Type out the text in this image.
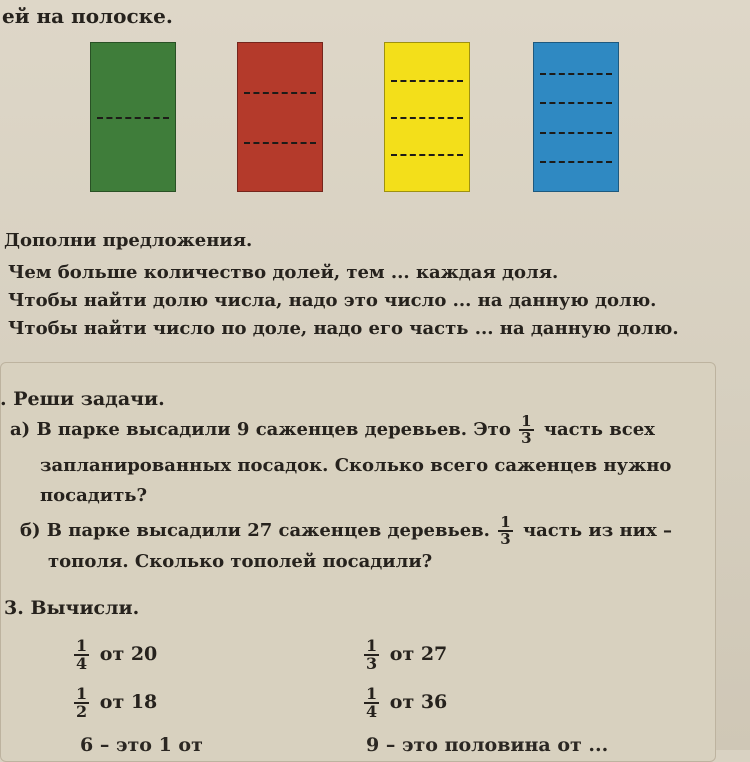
ей на полоске.
Дополни предложения.
Чем больше количество долей, тем ... каждая доля.
Чтобы найти долю числа, надо это число ... на данную долю.
Чтобы найти число по доле, надо его часть ... на данную долю.
. Реши задачи.
а) В парке высадили 9 саженцев деревьев. Это $\frac{1}{3}$ часть всех
запланированных посадок. Сколько всего саженцев нужно
посадить?
б) В парке высадили 27 саженцев деревьев. $\frac{1}{3}$ часть из них –
тополя. Сколько тополей посадили?
3. Вычисли.
$\frac{1}{4}$ от 20	$\frac{1}{3}$ от 27
$\frac{1}{2}$ от 18	$\frac{1}{4}$ от 36
6 – это 1 от	9 – это половина от ...
